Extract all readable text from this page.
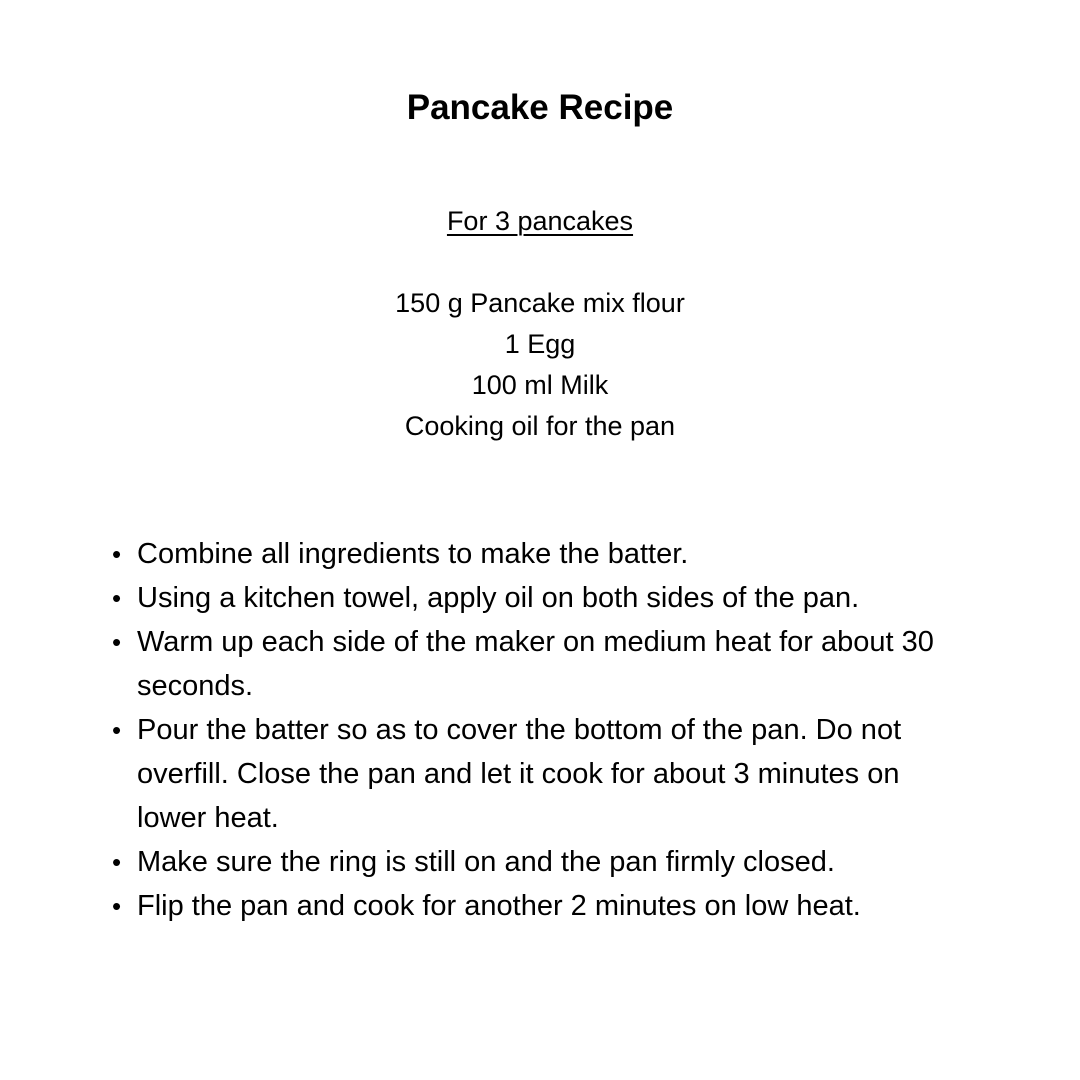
Pancake Recipe
For 3 pancakes
150 g Pancake mix flour
1 Egg
100 ml Milk
Cooking oil for the pan
• Combine all ingredients to make the batter.
• Using a kitchen towel, apply oil on both sides of the pan.
• Warm up each side of the maker on medium heat for about 30 seconds.
• Pour the batter so as to cover the bottom of the pan. Do not overfill. Close the pan and let it cook for about 3 minutes on lower heat.
• Make sure the ring is still on and the pan firmly closed.
• Flip the pan and cook for another 2 minutes on low heat.
